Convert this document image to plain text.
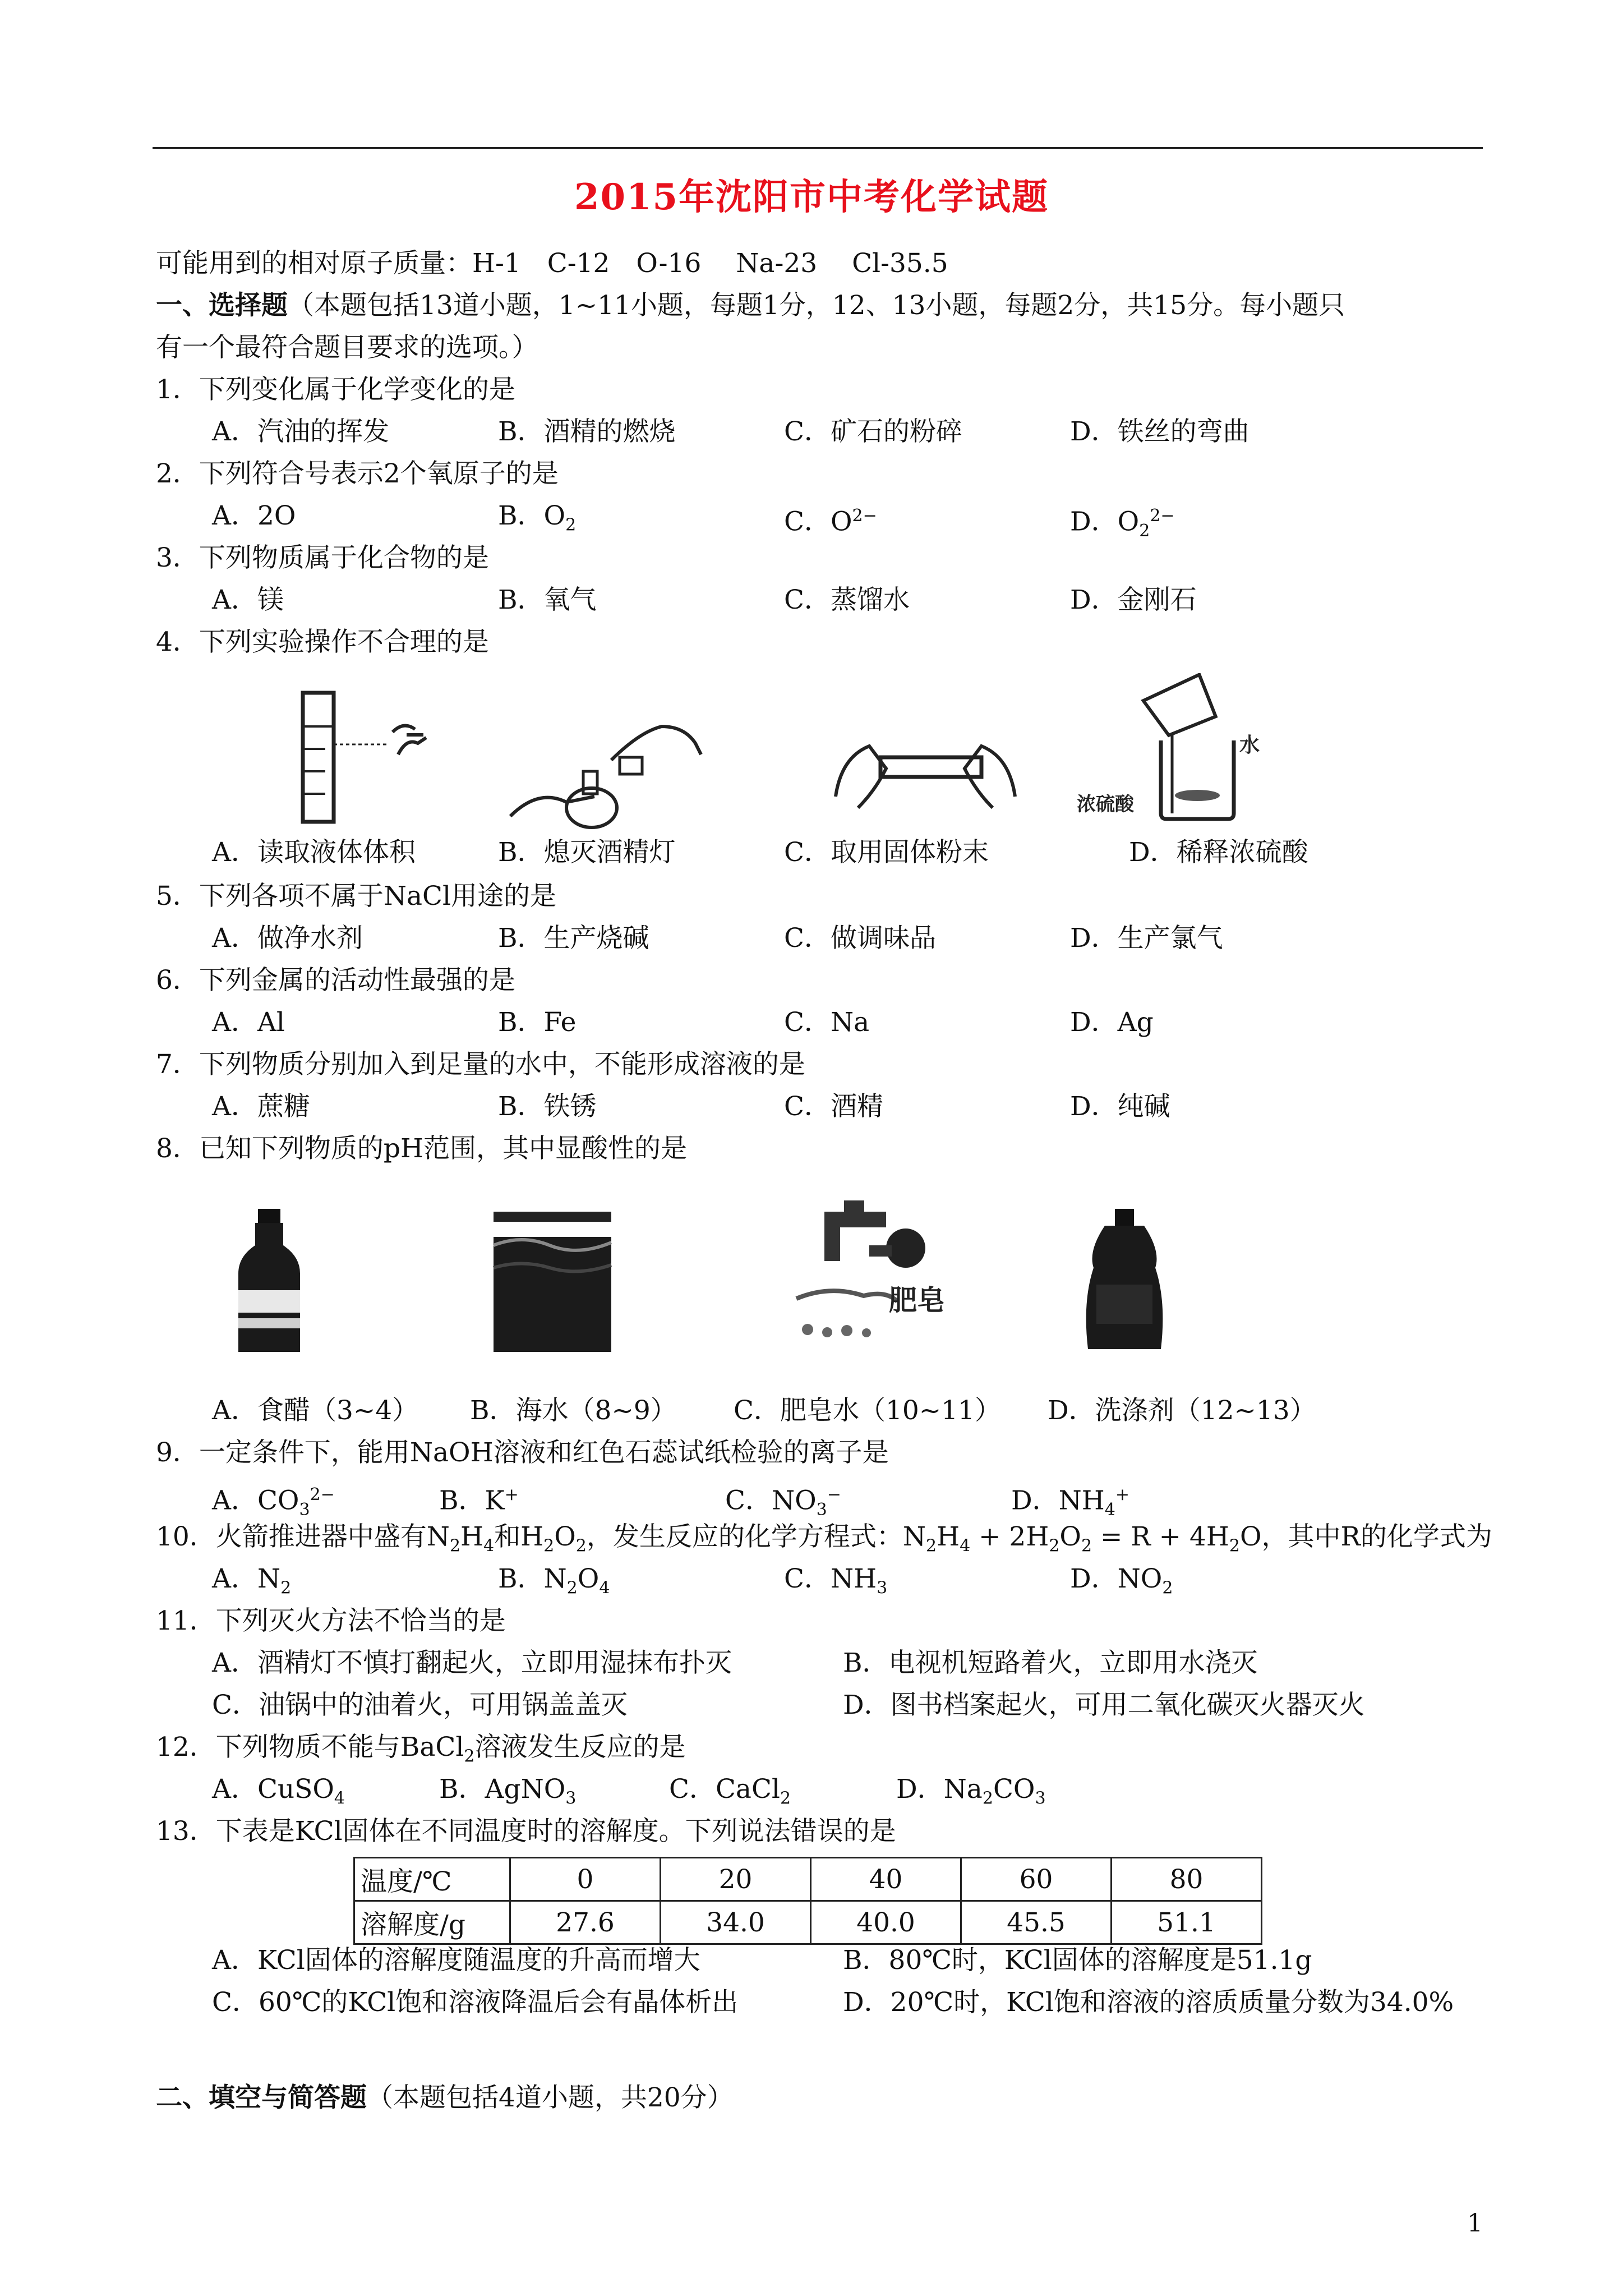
2015年沈阳市中考化学试题
可能用到的相对原子质量：H-1　C-12　O-16　 Na-23　 Cl-35.5
一、选择题（本题包括13道小题，1~11小题，每题1分，12、13小题，每题2分，共15分。每小题只
有一个最符合题目要求的选项。）
1．下列变化属于化学变化的是
A．汽油的挥发	B．酒精的燃烧	C．矿石的粉碎	D．铁丝的弯曲
2．下列符合号表示2个氧原子的是
A．2O	B．$O_2$	C．$O^{2-}$	D．$O_2^{2-}$
3．下列物质属于化合物的是
A．镁	B．氧气	C．蒸馏水	D．金刚石
4．下列实验操作不合理的是
水
浓硫酸
A．读取液体体积	B．熄灭酒精灯	C．取用固体粉末	D．稀释浓硫酸
5．下列各项不属于NaCl用途的是
A．做净水剂	B．生产烧碱	C．做调味品	D．生产氯气
6．下列金属的活动性最强的是
A．Al	B．Fe	C．Na	D．Ag
7．下列物质分别加入到足量的水中，不能形成溶液的是
A．蔗糖	B．铁锈	C．酒精	D．纯碱
8．已知下列物质的pH范围，其中显酸性的是
肥皂
A．食醋（3~4） B．海水（8~9） C．肥皂水（10~11） D．洗涤剂（12~13）
9．一定条件下，能用NaOH溶液和红色石蕊试纸检验的离子是
A．$CO_3^{2-}$	B．K+	C．$NO_3^-$	D．$NH_4^+$
10．火箭推进器中盛有$N_2H_4$和$H_2O_2$，发生反应的化学方程式：$N_2H_4 + 2H_2O_2 = R + 4H_2O$，其中R的化学式为
A．$N_2$	B．$N_2O_4$	C．$NH_3$	D．$NO_2$
11．下列灭火方法不恰当的是
A．酒精灯不慎打翻起火，立即用湿抹布扑灭	B．电视机短路着火，立即用水浇灭
C．油锅中的油着火，可用锅盖盖灭	D．图书档案起火，可用二氧化碳灭火器灭火
12．下列物质不能与BaCl$_2$溶液发生反应的是
A．CuSO$_4$	B．AgNO$_3$	C．CaCl$_2$	D．$Na_2CO_3$
13．下表是KCl固体在不同温度时的溶解度。下列说法错误的是
温度/℃	0	20	40	60	80
溶解度/g	27.6	34.0	40.0	45.5	51.1
A．KCl固体的溶解度随温度的升高而增大	B．80℃时，KCl固体的溶解度是51.1g
C．60℃的KCl饱和溶液降温后会有晶体析出	D．20℃时，KCl饱和溶液的溶质质量分数为34.0%
二、填空与简答题（本题包括4道小题，共20分）
1
